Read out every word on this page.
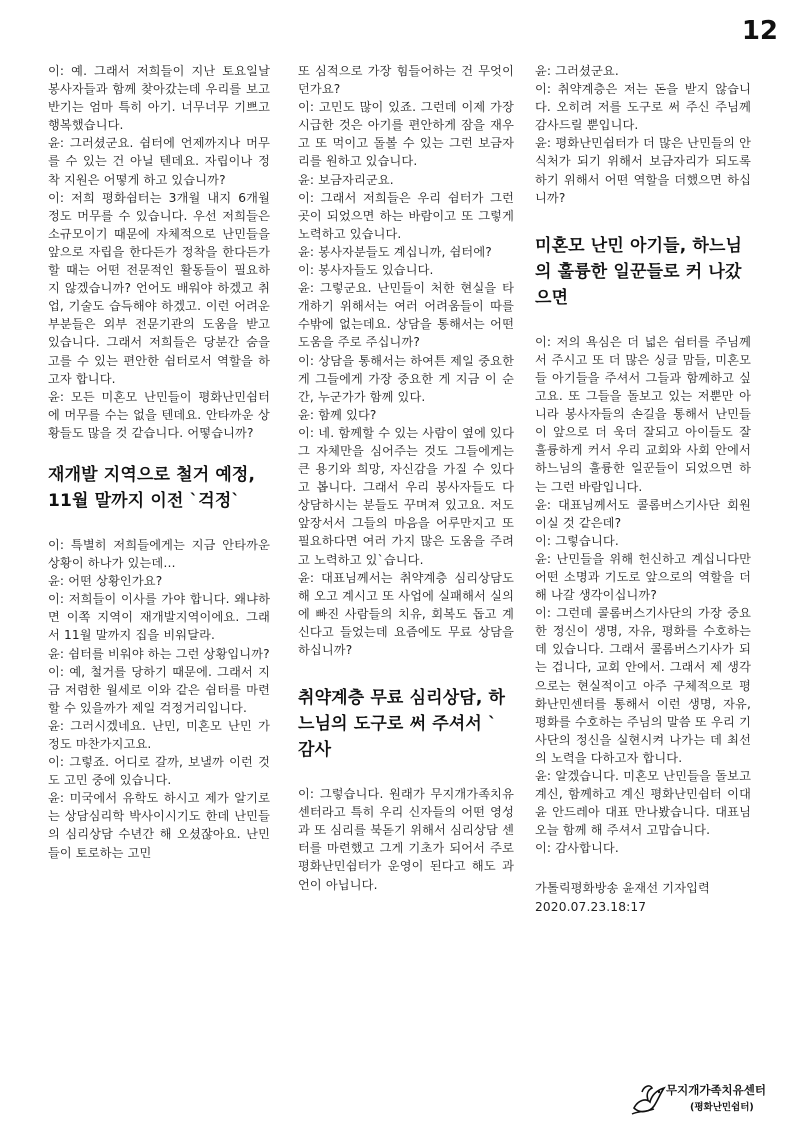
12

이: 예. 그래서 저희들이 지난 토요일날 봉사자들과 함께 찾아갔는데 우리를 보고 반기는 엄마 특히 아기. 너무너무 기쁘고 행복했습니다.

윤: 그러셨군요. 쉼터에 언제까지나 머무를 수 있는 건 아닐 텐데요. 자립이나 정착 지원은 어떻게 하고 있습니까?

이: 저희 평화쉼터는 3개월 내지 6개월 정도 머무를 수 있습니다. 우선 저희들은 소규모이기 때문에 자체적으로 난민들을 앞으로 자립을 한다든가 정착을 한다든가 할 때는 어떤 전문적인 활동들이 필요하지 않겠습니까? 언어도 배워야 하겠고 취업, 기술도 습득해야 하겠고. 이런 어려운 부분들은 외부 전문기관의 도움을 받고 있습니다. 그래서 저희들은 당분간 숨을 고를 수 있는 편안한 쉼터로서 역할을 하고자 합니다.

윤: 모든 미혼모 난민들이 평화난민쉼터에 머무를 수는 없을 텐데요. 안타까운 상황들도 많을 것 같습니다. 어떻습니까?

재개발 지역으로 철거 예정, 11월 말까지 이전 `걱정`

이: 특별히 저희들에게는 지금 안타까운 상황이 하나가 있는데…

윤: 어떤 상황인가요?

이: 저희들이 이사를 가야 합니다. 왜냐하면 이쪽 지역이 재개발지역이에요. 그래서 11월 말까지 집을 비워달라.

윤: 쉼터를 비워야 하는 그런 상황입니까?

이: 예, 철거를 당하기 때문에. 그래서 지금 저렴한 월세로 이와 같은 쉼터를 마련할 수 있을까가 제일 걱정거리입니다.

윤: 그러시겠네요. 난민, 미혼모 난민 가정도 마찬가지고요.

이: 그렇죠. 어디로 갈까, 보낼까 이런 것도 고민 중에 있습니다.

윤: 미국에서 유학도 하시고 제가 알기로는 상담심리학 박사이시기도 한데 난민들의 심리상담 수년간 해 오셨잖아요. 난민들이 토로하는 고민

또 심적으로 가장 힘들어하는 건 무엇이던가요?

이: 고민도 많이 있죠. 그런데 이제 가장 시급한 것은 아기를 편안하게 잠을 재우고 또 먹이고 돌볼 수 있는 그런 보금자리를 원하고 있습니다.

윤: 보금자리군요.

이: 그래서 저희들은 우리 쉼터가 그런 곳이 되었으면 하는 바람이고 또 그렇게 노력하고 있습니다.

윤: 봉사자분들도 계십니까, 쉼터에?

이: 봉사자들도 있습니다.

윤: 그렇군요. 난민들이 처한 현실을 타개하기 위해서는 여러 어려움들이 따를 수밖에 없는데요. 상담을 통해서는 어떤 도움을 주로 주십니까?

이: 상담을 통해서는 하여튼 제일 중요한 게 그들에게 가장 중요한 게 지금 이 순간, 누군가가 함께 있다.

윤: 함께 있다?

이: 네. 함께할 수 있는 사람이 옆에 있다 그 자체만을 심어주는 것도 그들에게는 큰 용기와 희망, 자신감을 가질 수 있다고 봅니다. 그래서 우리 봉사자들도 다 상담하시는 분들도 꾸며져 있고요. 저도 앞장서서 그들의 마음을 어루만지고 또 필요하다면 여러 가지 많은 도움을 주려고 노력하고 있`습니다.

윤: 대표님께서는 취약계층 심리상담도 해 오고 계시고 또 사업에 실패해서 실의에 빠진 사람들의 치유, 회복도 돕고 계신다고 들었는데 요즘에도 무료 상담을 하십니까?

취약계층 무료 심리상담, 하느님의 도구로 써 주셔서 ` 감사

이: 그렇습니다. 원래가 무지개가족치유센터라고 특히 우리 신자들의 어떤 영성과 또 심리를 북돋기 위해서 심리상담 센터를 마련했고 그게 기초가 되어서 주로 평화난민쉼터가 운영이 된다고 해도 과언이 아닙니다.

윤: 그러셨군요.

이: 취약계층은 저는 돈을 받지 않습니다. 오히려 저를 도구로 써 주신 주님께 감사드릴 뿐입니다.

윤: 평화난민쉼터가 더 많은 난민들의 안식처가 되기 위해서 보금자리가 되도록 하기 위해서 어떤 역할을 더했으면 하십니까?

미혼모 난민 아기들, 하느님의 훌륭한 일꾼들로 커 나갔으면

이: 저의 욕심은 더 넓은 쉼터를 주님께서 주시고 또 더 많은 싱글 맘들, 미혼모들 아기들을 주셔서 그들과 함께하고 싶고요. 또 그들을 돌보고 있는 저뿐만 아니라 봉사자들의 손길을 통해서 난민들이 앞으로 더 욱더 잘되고 아이들도 잘 훌륭하게 커서 우리 교회와 사회 안에서 하느님의 훌륭한 일꾼들이 되었으면 하는 그런 바람입니다.

윤: 대표님께서도 콜롬버스기사단 회원이실 것 같은데?

이: 그렇습니다.

윤: 난민들을 위해 헌신하고 계십니다만 어떤 소명과 기도로 앞으로의 역할을 더 해 나갈 생각이십니까?

이: 그런데 콜롬버스기사단의 가장 중요한 정신이 생명, 자유, 평화를 수호하는 데 있습니다. 그래서 콜롬버스기사가 되는 겁니다, 교회 안에서. 그래서 제 생각으로는 현실적이고 아주 구체적으로 평화난민센터를 통해서 이런 생명, 자유, 평화를 수호하는 주님의 말씀 또 우리 기사단의 정신을 실현시켜 나가는 데 최선의 노력을 다하고자 합니다.

윤: 알겠습니다. 미혼모 난민들을 돌보고 계신, 함께하고 계신 평화난민쉼터 이대윤 안드레아 대표 만나봤습니다. 대표님 오늘 함께 해 주셔서 고맙습니다.

이: 감사합니다.

가톨릭평화방송 윤재선 기자입력

2020.07.23.18:17

무지개가족치유센터
(평화난민쉼터)
